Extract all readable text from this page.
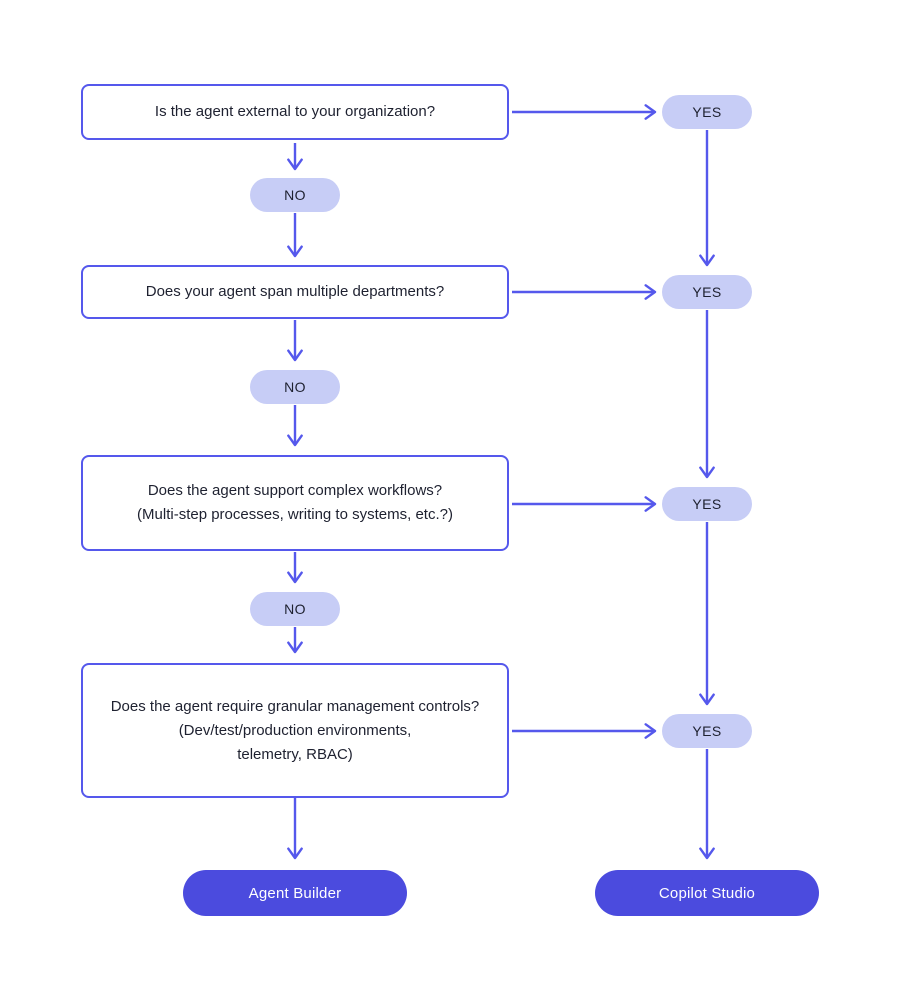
Is the agent external to your organization?
NO
YES
Does your agent span multiple departments?
NO
YES
Does the agent support complex workflows?
(Multi-step processes, writing to systems, etc.?)
NO
YES
Does the agent require granular management controls?
(Dev/test/production environments,
telemetry, RBAC)
YES
Agent Builder	Copilot Studio
